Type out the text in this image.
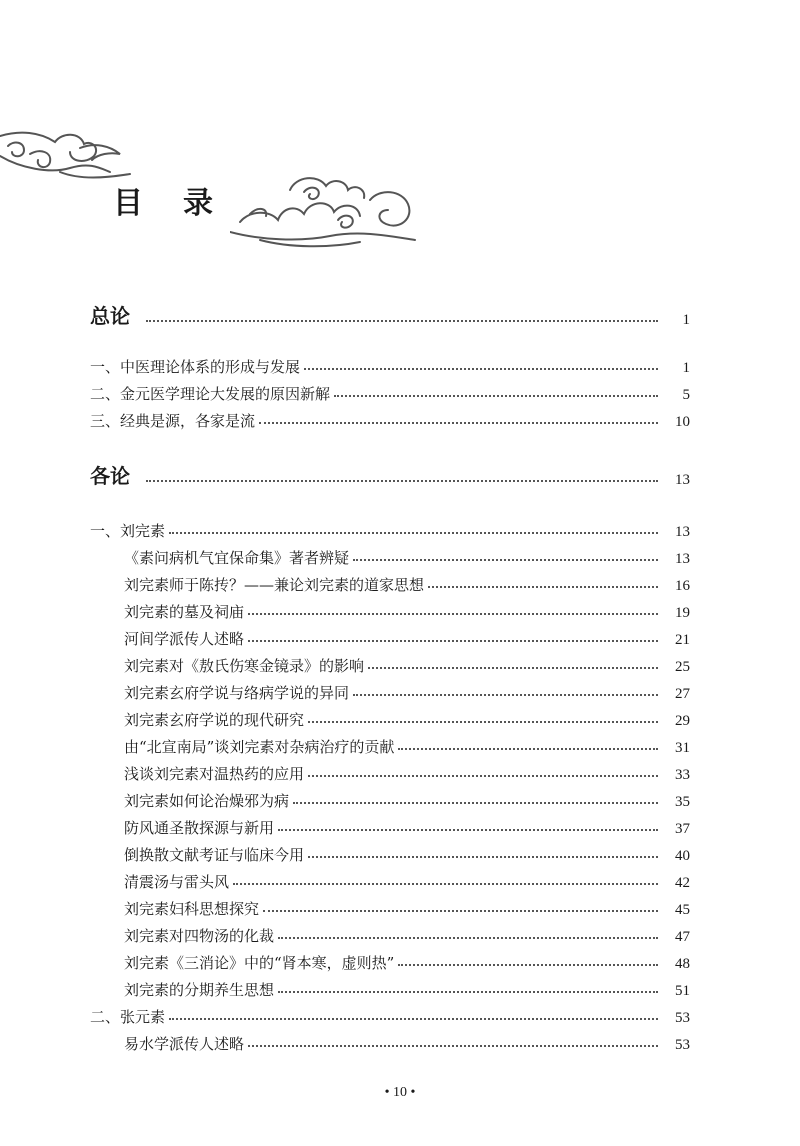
目 录
总论	1
一、中医理论体系的形成与发展	1
二、金元医学理论大发展的原因新解	5
三、经典是源，各家是流	10
各论	13
一、刘完素	13
《素问病机气宜保命集》著者辨疑	13
刘完素师于陈抟？——兼论刘完素的道家思想	16
刘完素的墓及祠庙	19
河间学派传人述略	21
刘完素对《敖氏伤寒金镜录》的影响	25
刘完素玄府学说与络病学说的异同	27
刘完素玄府学说的现代研究	29
由“北宣南局”谈刘完素对杂病治疗的贡献	31
浅谈刘完素对温热药的应用	33
刘完素如何论治燥邪为病	35
防风通圣散探源与新用	37
倒换散文献考证与临床今用	40
清震汤与雷头风	42
刘完素妇科思想探究	45
刘完素对四物汤的化裁	47
刘完素《三消论》中的“肾本寒，虚则热”	48
刘完素的分期养生思想	51
二、张元素	53
易水学派传人述略	53
• 10 •
